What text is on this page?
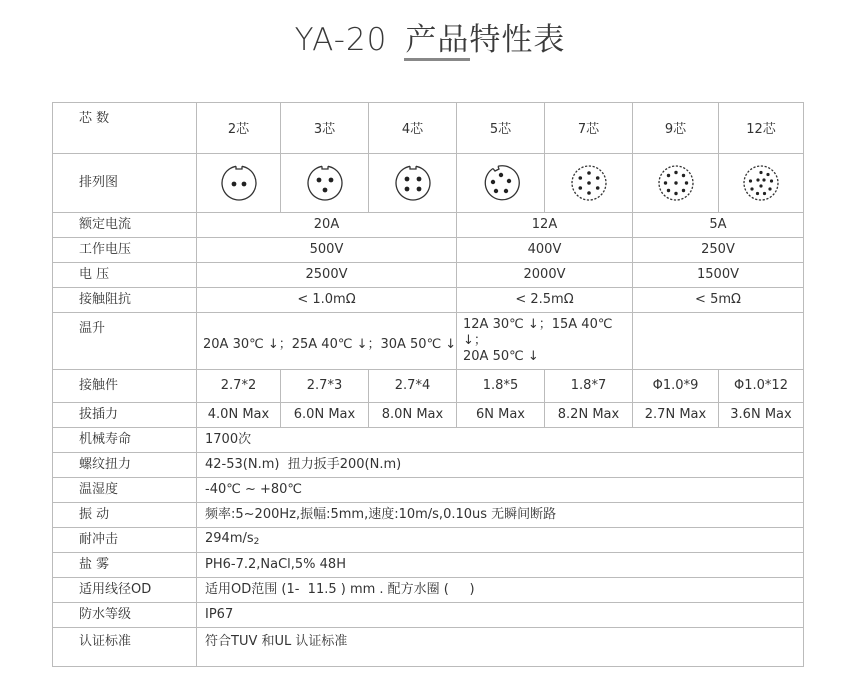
YA-20 产品特性表
芯 数	2芯	3芯	4芯	5芯	7芯	9芯	12芯
排列图	

额定电流	20A			12A		5A	
工作电压	500V			400V		250V	
电 压	2500V			2000V		1500V	
接触阻抗	< 1.0mΩ			< 2.5mΩ		< 5mΩ	
温升	20A 30℃ ↓；25A 40℃ ↓；30A 50℃ ↓			12A 30℃ ↓；15A 40℃ ↓；
20A 50℃ ↓			

接触件	2.7*2	2.7*3	2.7*4	1.8*5	1.8*7	Φ1.0*9	Φ1.0*12
拔插力	4.0N Max	6.0N Max	8.0N Max	6N Max	8.2N Max	2.7N Max	3.6N Max
机械寿命	1700次						
螺纹扭力	42-53(N.m)  扭力扳手200(N.m)						
温湿度	-40℃ ~ +80℃						
振 动	频率:5~200Hz,振幅:5mm,速度:10m/s,0.10us 无瞬间断路						
耐冲击	$294m/s_2$
盐 雾	PH6-7.2,NaCl,5% 48H						
适用线径OD	适用OD范围 (1-  11.5 ) mm . 配方水圈 (     )						
防水等级	IP67						
认证标准	符合TUV 和UL 认证标准						
